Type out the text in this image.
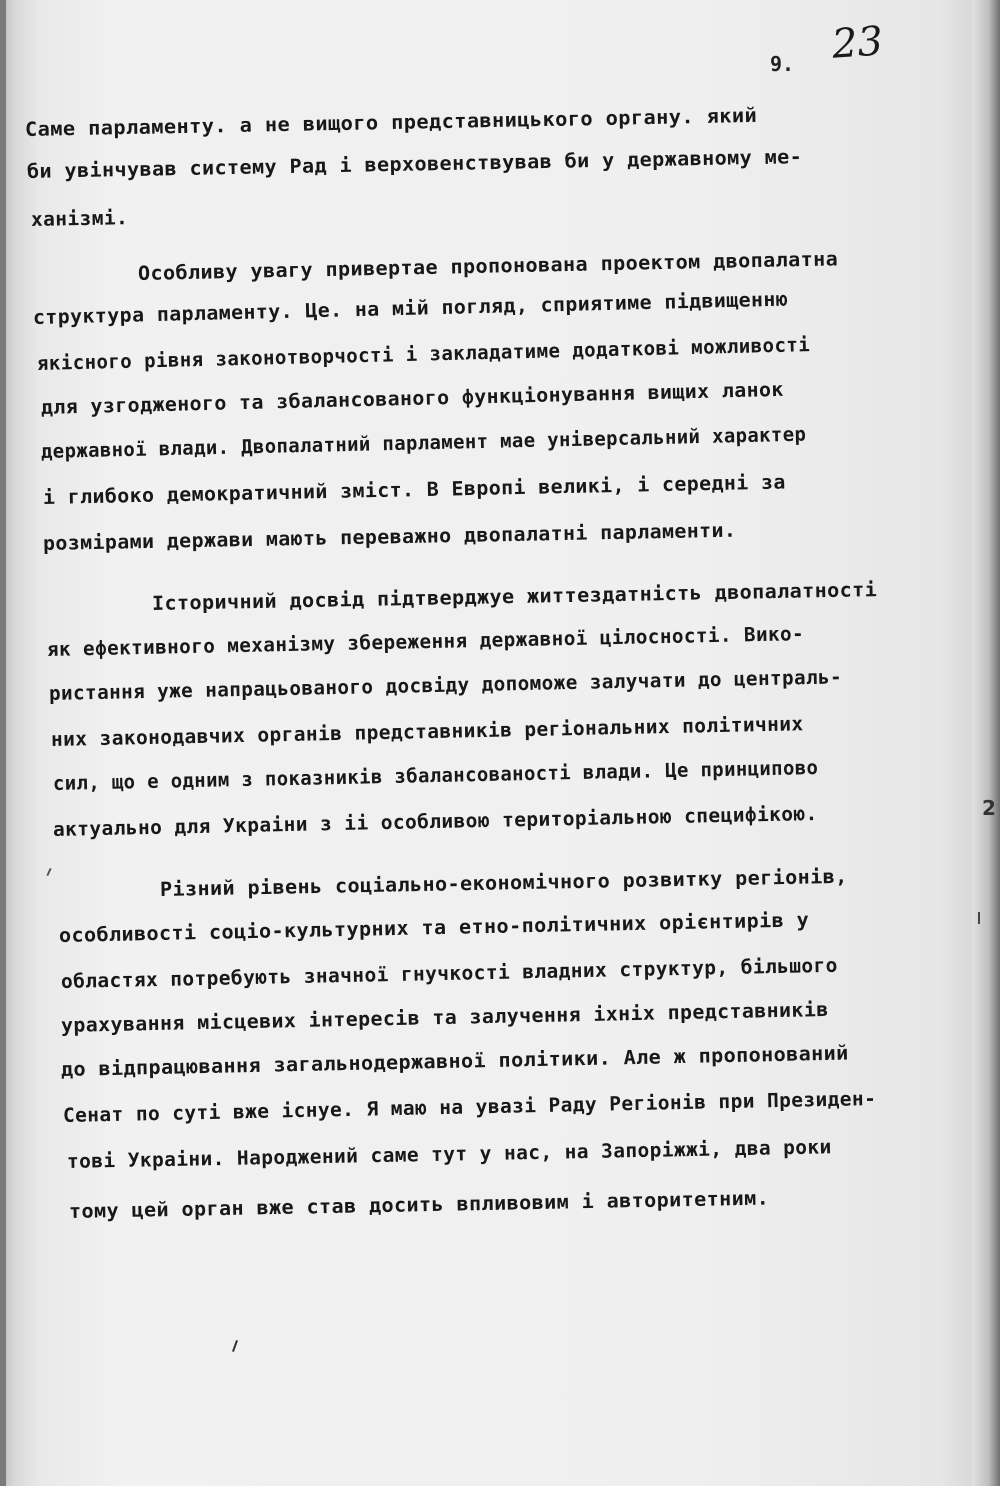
9. 23
2
Саме парламенту. а не вищого представницького органу. який
би увінчував систему Рад і верховенствував би у державному ме-
ханізмі.
Особливу увагу привертае пропонована проектом двопалатна
структура парламенту. Це. на мій погляд, сприятиме підвищенню
якісного рівня законотворчості і закладатиме додаткові можливості
для узгодженого та збалансованого функціонування вищих ланок
державної влади. Двопалатний парламент мае універсальний характер
і глибоко демократичний зміст. В Европі великі, і середні за
розмірами держави мають переважно двопалатні парламенти.
Історичний досвід підтверджуе життездатність двопалатності
як ефективного механізму збереження державної цілосності. Вико-
ристання уже напрацьованого досвіду допоможе залучати до централь-
них законодавчих органів представників регіональних політичних
сил, що е одним з показників збалансованості влади. Це принципово
актуально для Украіни з іі особливою територіальною специфікою.
Різний рівень соціально-економічного розвитку регіонів,
особливості соціо-культурних та етно-політичних орієнтирів у
областях потребують значної гнучкості владних структур, більшого
урахування місцевих інтересів та залучення іхніх представників
до відпрацювання загальнодержавної політики. Але ж пропонований
Сенат по суті вже існуе. Я маю на увазі Раду Регіонів при Президен-
тові Украіни. Народжений саме тут у нас, на Запоріжжі, два роки
тому цей орган вже став досить впливовим і авторитетним.
